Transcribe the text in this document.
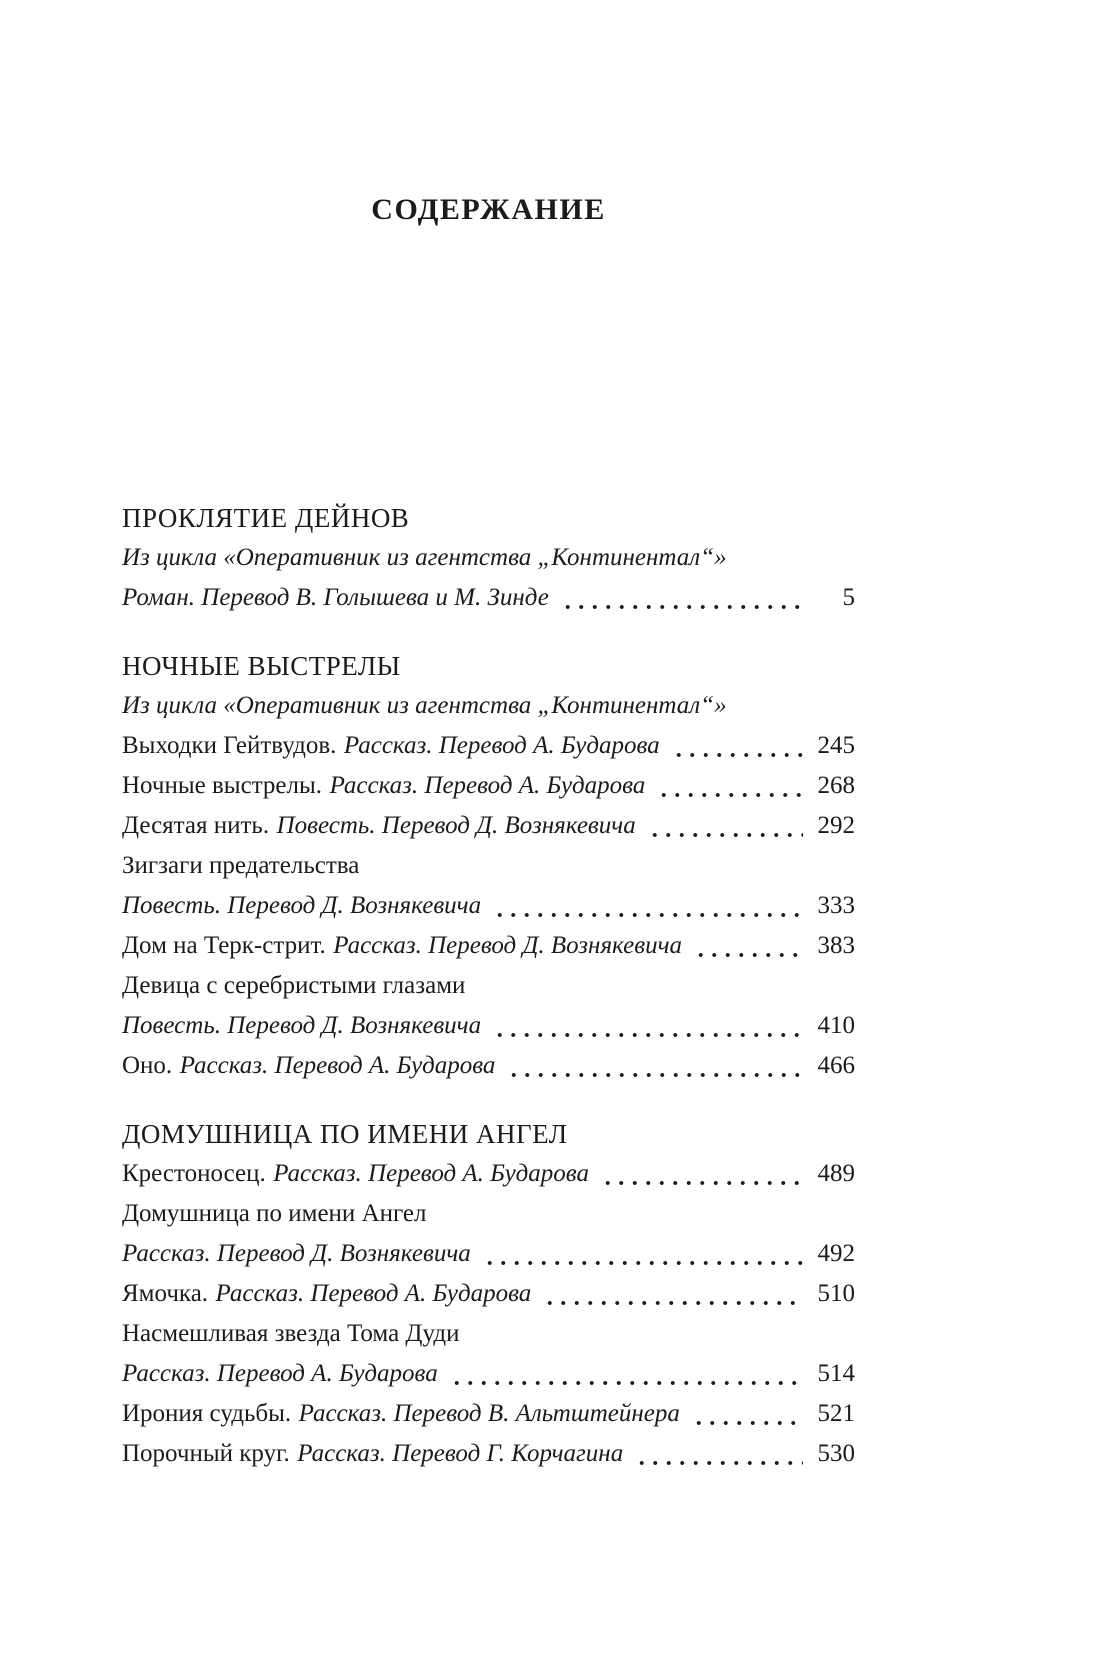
СОДЕРЖАНИЕ
ПРОКЛЯТИЕ ДЕЙНОВ
Из цикла «Оперативник из агентства „Континентал“»
Роман. Перевод В. Голышева и М. Зинде	5
НОЧНЫЕ ВЫСТРЕЛЫ
Из цикла «Оперативник из агентства „Континентал“»
Выходки Гейтвудов. Рассказ. Перевод А. Бударова	245
Ночные выстрелы. Рассказ. Перевод А. Бударова	268
Десятая нить. Повесть. Перевод Д. Вознякевича	292
Зигзаги предательства
Повесть. Перевод Д. Вознякевича	333
Дом на Терк-стрит. Рассказ. Перевод Д. Вознякевича	383
Девица с серебристыми глазами
Повесть. Перевод Д. Вознякевича	410
Оно. Рассказ. Перевод А. Бударова	466
ДОМУШНИЦА ПО ИМЕНИ АНГЕЛ
Крестоносец. Рассказ. Перевод А. Бударова	489
Домушница по имени Ангел
Рассказ. Перевод Д. Вознякевича	492
Ямочка. Рассказ. Перевод А. Бударова	510
Насмешливая звезда Тома Дуди
Рассказ. Перевод А. Бударова	514
Ирония судьбы. Рассказ. Перевод В. Альтштейнера	521
Порочный круг. Рассказ. Перевод Г. Корчагина	530
